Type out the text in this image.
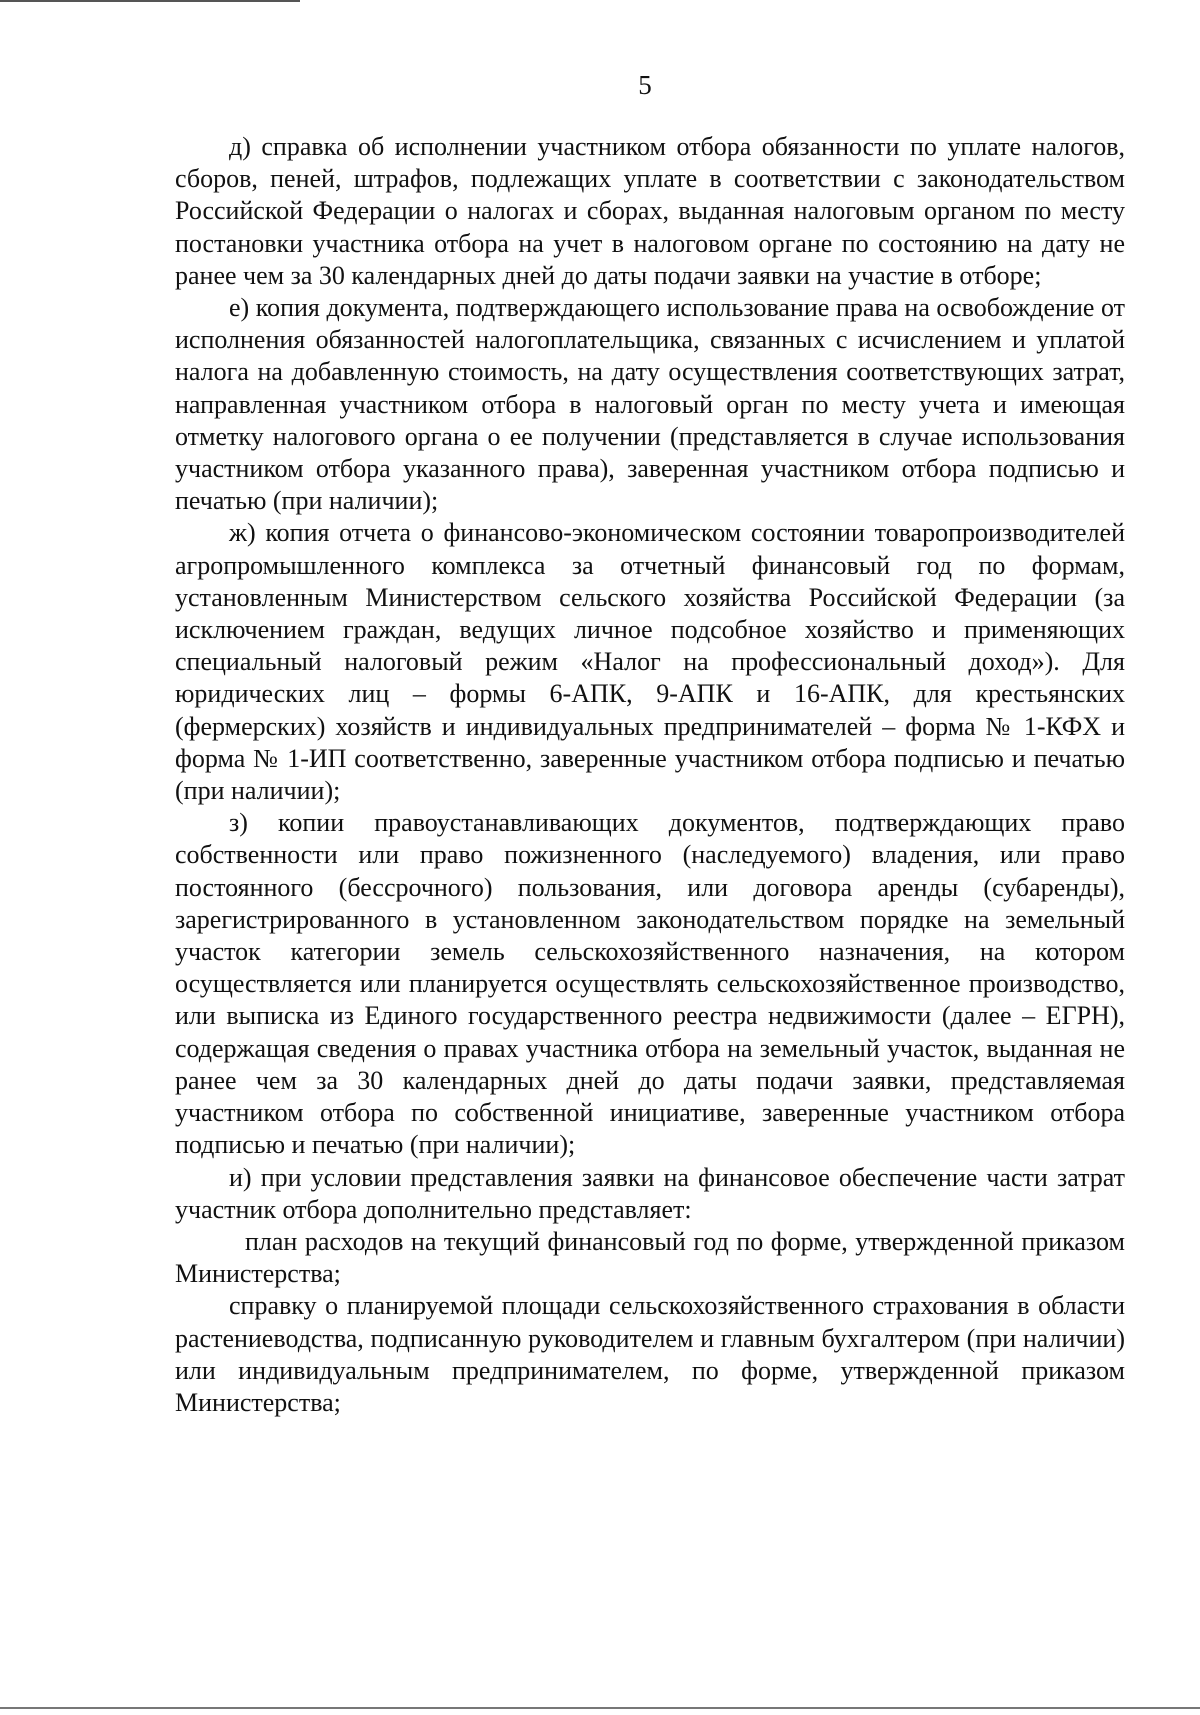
5

д) справка об исполнении участником отбора обязанности по уплате налогов, сборов, пеней, штрафов, подлежащих уплате в соответствии с законодательством Российской Федерации о налогах и сборах, выданная налоговым органом по месту постановки участника отбора на учет в налоговом органе по состоянию на дату не ранее чем за 30 календарных дней до даты подачи заявки на участие в отборе;

е) копия документа, подтверждающего использование права на освобождение от исполнения обязанностей налогоплательщика, связанных с исчислением и уплатой налога на добавленную стоимость, на дату осуществления соответствующих затрат, направленная участником отбора в налоговый орган по месту учета и имеющая отметку налогового органа о ее получении (представляется в случае использования участником отбора указанного права), заверенная участником отбора подписью и печатью (при наличии);

ж) копия отчета о финансово-экономическом состоянии товаропроизводителей агропромышленного комплекса за отчетный финансовый год по формам, установленным Министерством сельского хозяйства Российской Федерации (за исключением граждан, ведущих личное подсобное хозяйство и применяющих специальный налоговый режим «Налог на профессиональный доход»). Для юридических лиц – формы 6-АПК, 9-АПК и 16-АПК, для крестьянских (фермерских) хозяйств и индивидуальных предпринимателей – форма № 1-КФХ и форма № 1-ИП соответственно, заверенные участником отбора подписью и печатью (при наличии);

з) копии правоустанавливающих документов, подтверждающих право собственности или право пожизненного (наследуемого) владения, или право постоянного (бессрочного) пользования, или договора аренды (субаренды), зарегистрированного в установленном законодательством порядке на земельный участок категории земель сельскохозяйственного назначения, на котором осуществляется или планируется осуществлять сельскохозяйственное производство, или выписка из Единого государственного реестра недвижимости (далее – ЕГРН), содержащая сведения о правах участника отбора на земельный участок, выданная не ранее чем за 30 календарных дней до даты подачи заявки, представляемая участником отбора по собственной инициативе, заверенные участником отбора подписью и печатью (при наличии);

и) при условии представления заявки на финансовое обеспечение части затрат участник отбора дополнительно представляет:

план расходов на текущий финансовый год по форме, утвержденной приказом Министерства;

справку о планируемой площади сельскохозяйственного страхования в области растениеводства, подписанную руководителем и главным бухгалтером (при наличии) или индивидуальным предпринимателем, по форме, утвержденной приказом Министерства;
